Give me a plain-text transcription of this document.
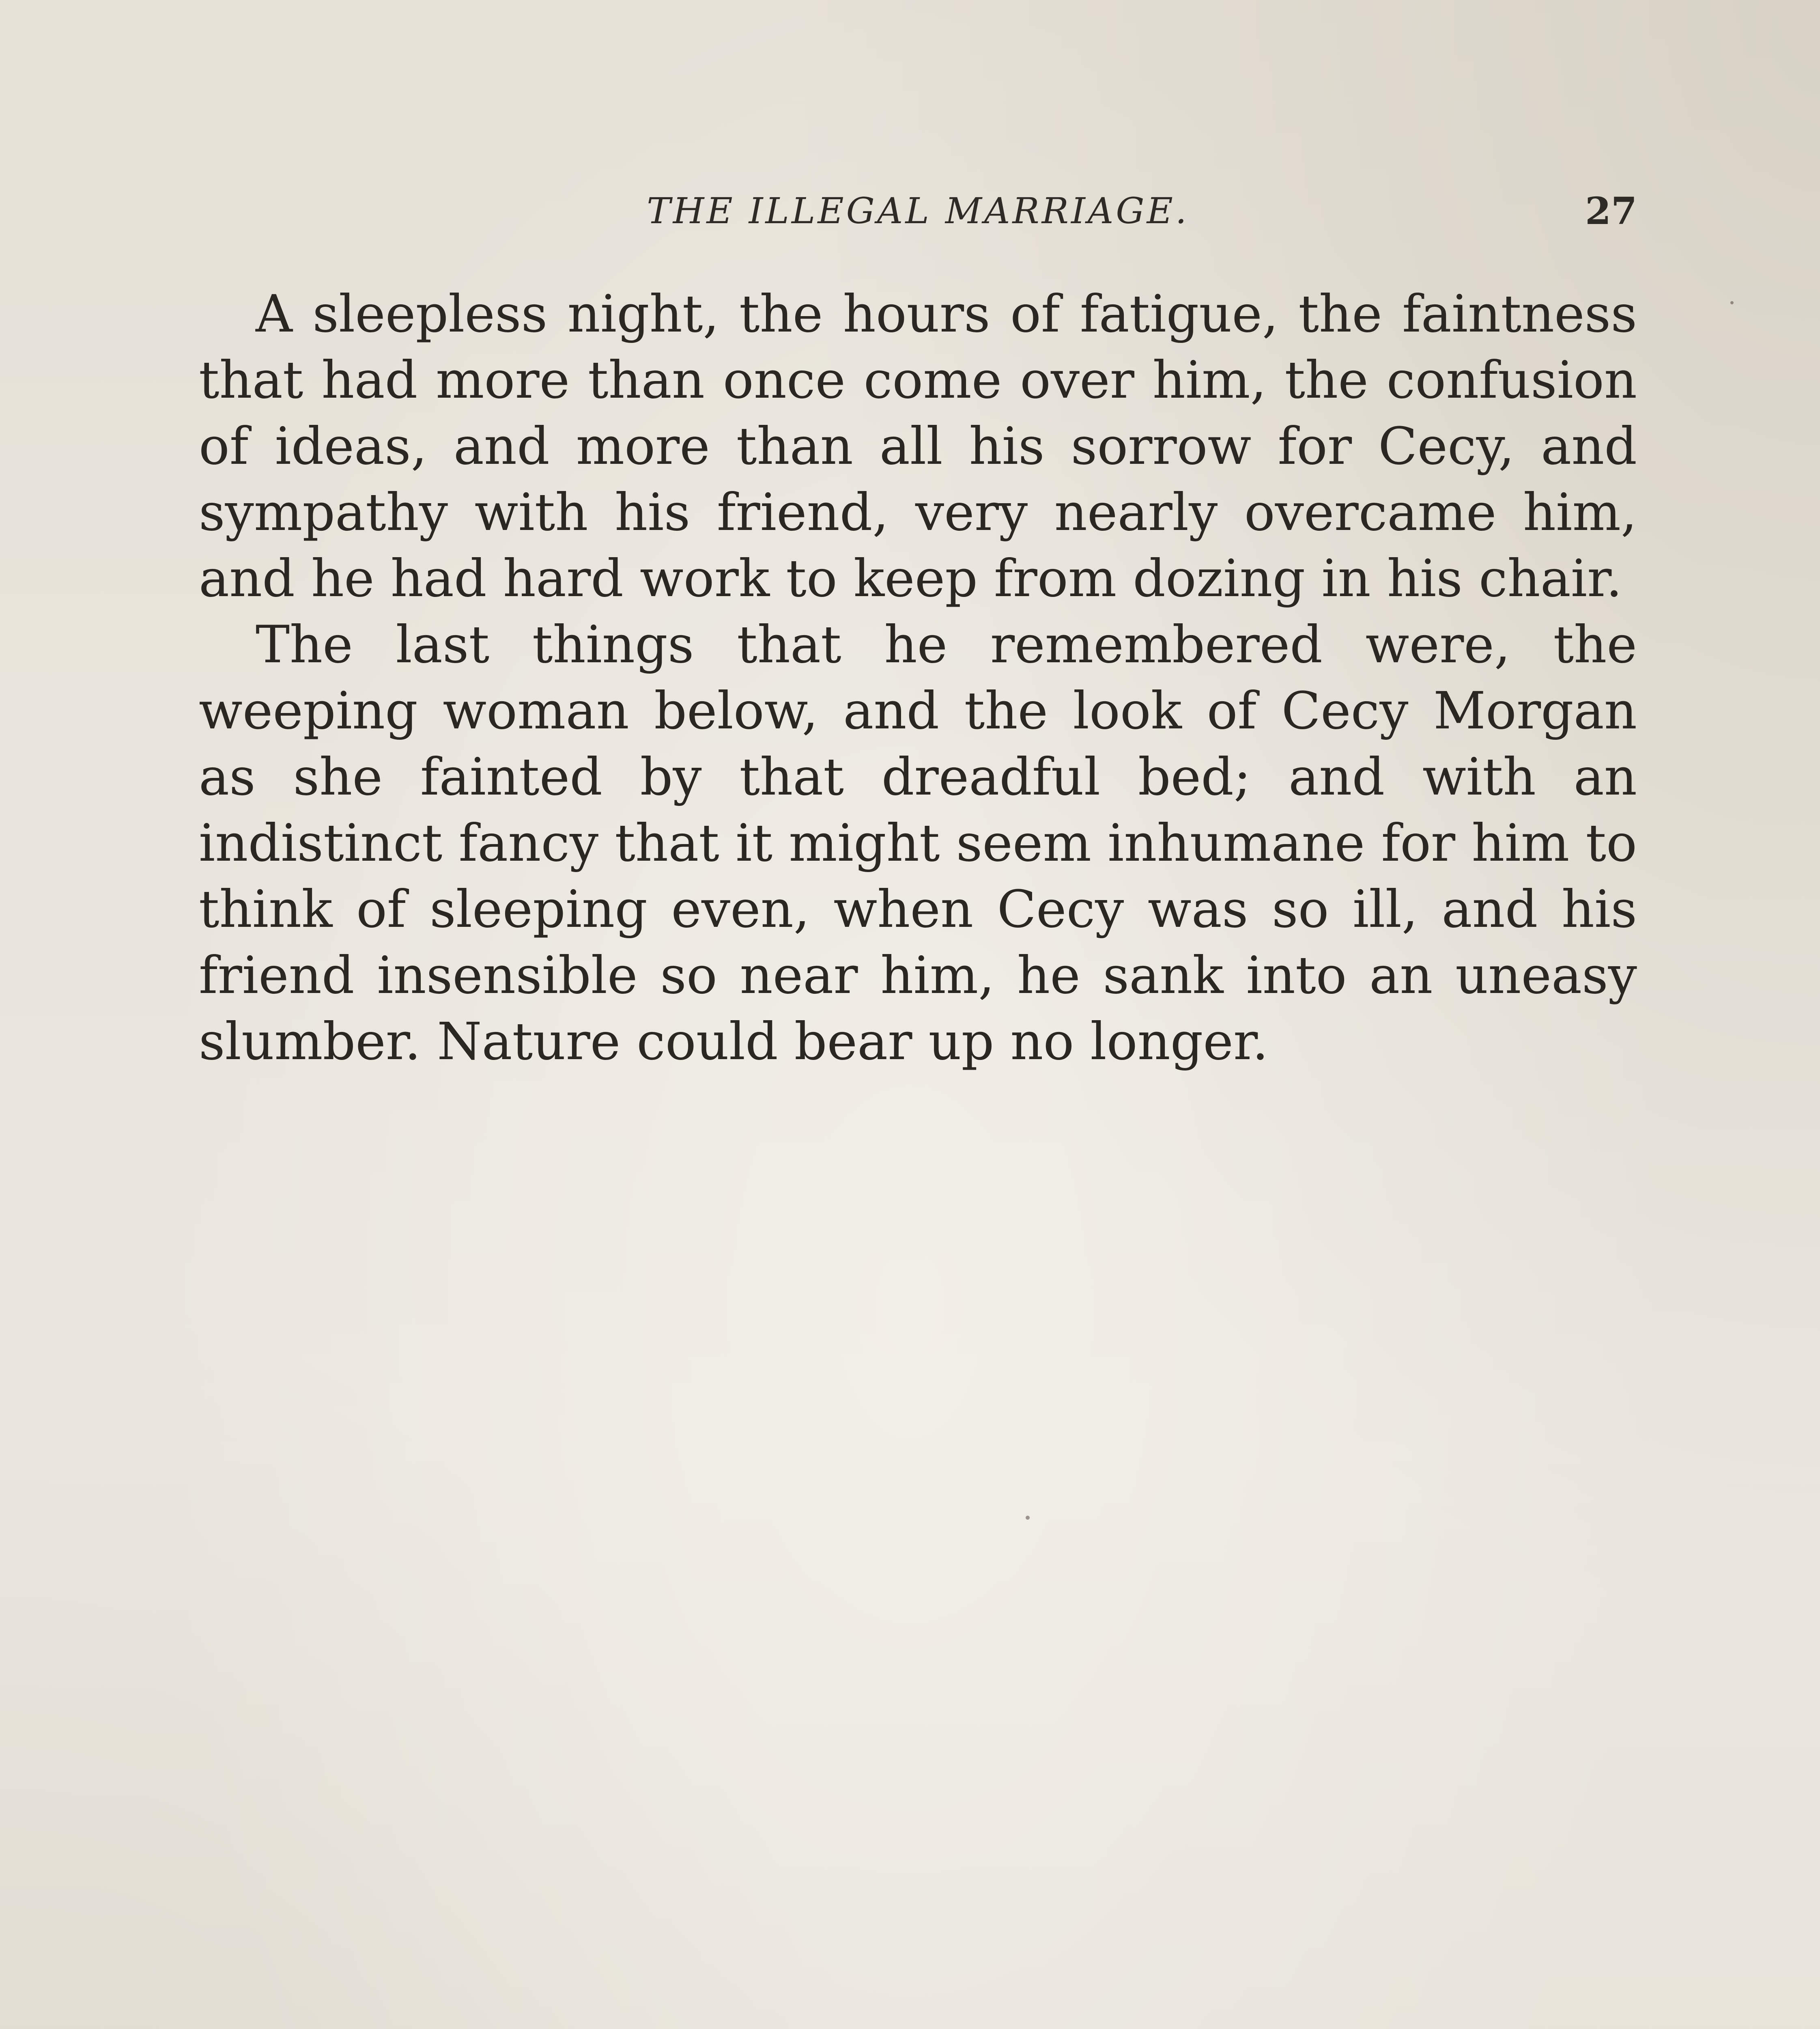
THE ILLEGAL MARRIAGE.	27

A sleepless night, the hours of fatigue, the faintness that had more than once come over him, the confusion of ideas, and more than all his sorrow for Cecy, and sympathy with his friend, very nearly overcame him, and he had hard work to keep from dozing in his chair.

The last things that he remembered were, the weeping woman below, and the look of Cecy Morgan as she fainted by that dreadful bed; and with an indistinct fancy that it might seem inhumane for him to think of sleeping even, when Cecy was so ill, and his friend insensible so near him, he sank into an uneasy slumber. Nature could bear up no longer.
